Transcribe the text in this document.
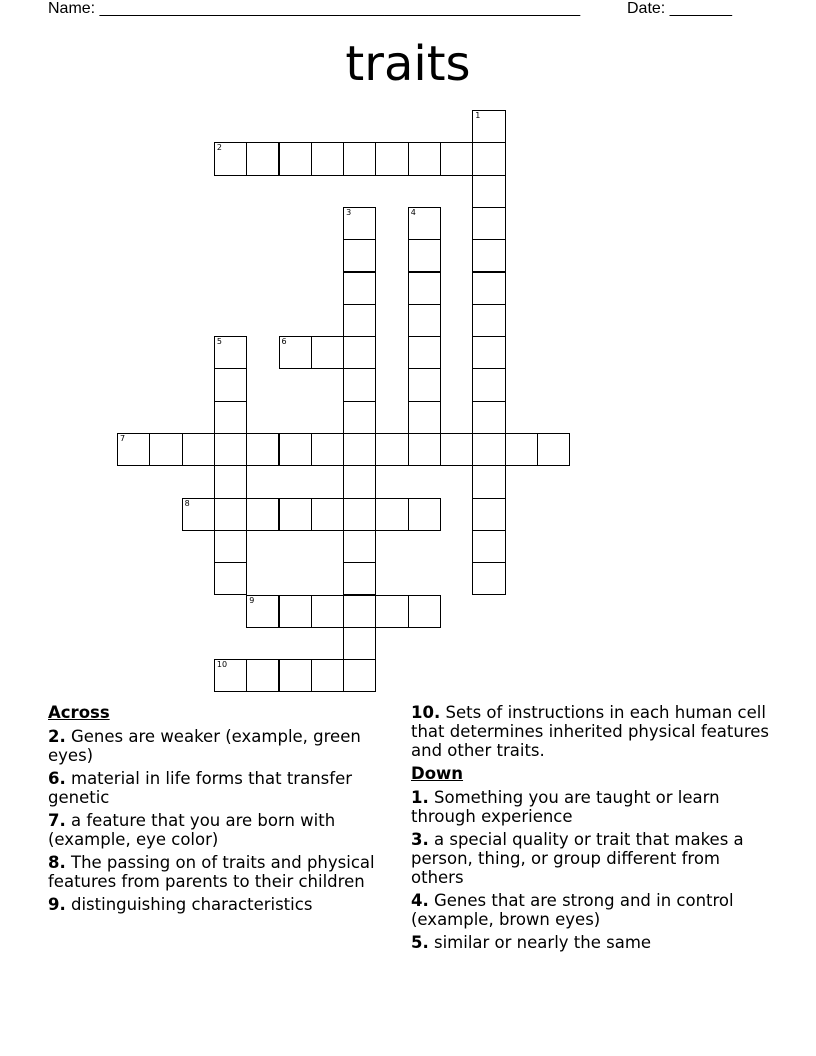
Name: ______________________________________________________	Date: _______
traits
1
2
3	4
5	6
7
8
9
10
Across
2. Genes are weaker (example, green eyes)
6. material in life forms that transfer genetic
7. a feature that you are born with (example, eye color)
8. The passing on of traits and physical features from parents to their children
9. distinguishing characteristics
10. Sets of instructions in each human cell that determines inherited physical features and other traits.
Down
1. Something you are taught or learn through experience
3. a special quality or trait that makes a person, thing, or group different from others
4. Genes that are strong and in control (example, brown eyes)
5. similar or nearly the same
